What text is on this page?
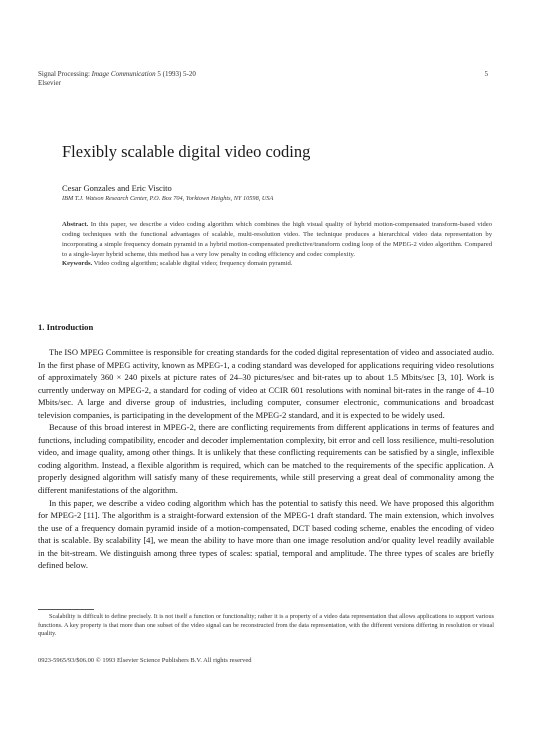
Signal Processing: Image Communication 5 (1993) 5-20
Elsevier
5
Flexibly scalable digital video coding
Cesar Gonzales and Eric Viscito
IBM T.J. Watson Research Center, P.O. Box 704, Yorktown Heights, NY 10598, USA
Abstract. In this paper, we describe a video coding algorithm which combines the high visual quality of hybrid motion-compensated transform-based video coding techniques with the functional advantages of scalable, multi-resolution video. The technique produces a hierarchical video data representation by incorporating a simple frequency domain pyramid in a hybrid motion-compensated predictive/transform coding loop of the MPEG-2 video algorithm. Compared to a single-layer hybrid scheme, this method has a very low penalty in coding efficiency and codec complexity.
Keywords. Video coding algorithm; scalable digital video; frequency domain pyramid.
1. Introduction

The ISO MPEG Committee is responsible for creating standards for the coded digital representation of video and associated audio. In the first phase of MPEG activity, known as MPEG-1, a coding standard was developed for applications requiring video resolutions of approximately 360 × 240 pixels at picture rates of 24–30 pictures/sec and bit-rates up to about 1.5 Mbits/sec [3, 10]. Work is currently underway on MPEG-2, a standard for coding of video at CCIR 601 resolutions with nominal bit-rates in the range of 4–10 Mbits/sec. A large and diverse group of industries, including computer, consumer electronic, communications and broadcast television companies, is participating in the development of the MPEG-2 standard, and it is expected to be widely used.

Because of this broad interest in MPEG-2, there are conflicting requirements from different applications in terms of features and functions, including compatibility, encoder and decoder implementation complexity, bit error and cell loss resilience, multi-resolution video, and image quality, among other things. It is unlikely that these conflicting requirements can be satisfied by a single, inflexible coding algorithm. Instead, a flexible algorithm is required, which can be matched to the requirements of the specific application. A properly designed algorithm will satisfy many of these requirements, while still preserving a great deal of commonality among the different manifestations of the algorithm.

In this paper, we describe a video coding algorithm which has the potential to satisfy this need. We have proposed this algorithm for MPEG-2 [11]. The algorithm is a straight-forward extension of the MPEG-1 draft standard. The main extension, which involves the use of a frequency domain pyramid inside of a motion-compensated, DCT based coding scheme, enables the encoding of video that is scalable. By scalability [4], we mean the ability to have more than one image resolution and/or quality level readily available in the bit-stream. We distinguish among three types of scales: spatial, temporal and amplitude. The three types of scales are briefly defined below.

Scalability is difficult to define precisely. It is not itself a function or functionality; rather it is a property of a video data representation that allows applications to support various functions. A key property is that more than one subset of the video signal can be reconstructed from the data representation, with the different versions differing in resolution or visual quality.
0923-5965/93/$06.00 © 1993 Elsevier Science Publishers B.V. All rights reserved
